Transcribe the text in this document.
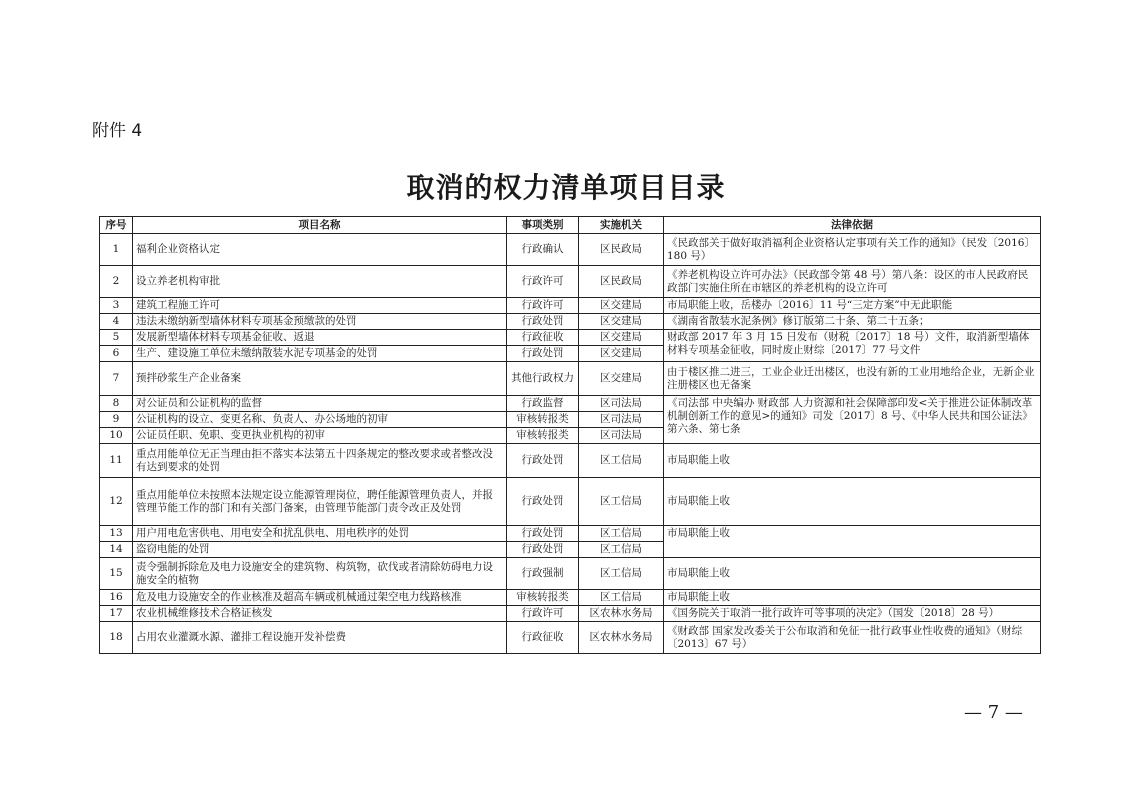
附件 4
取消的权力清单项目目录
序号	项目名称	事项类别	实施机关	法律依据
1	福利企业资格认定	行政确认	区民政局	《民政部关于做好取消福利企业资格认定事项有关工作的通知》（民发〔2016〕180 号）
2	设立养老机构审批	行政许可	区民政局	《养老机构设立许可办法》（民政部令第 48 号）第八条：设区的市人民政府民政部门实施住所在市辖区的养老机构的设立许可
3	建筑工程施工许可	行政许可	区交建局	市局职能上收，岳楼办〔2016〕11 号“三定方案”中无此职能
4	违法未缴纳新型墙体材料专项基金预缴款的处罚	行政处罚	区交建局	《湖南省散装水泥条例》修订版第二十条、第二十五条；
5	发展新型墙体材料专项基金征收、返退	行政征收	区交建局	财政部 2017 年 3 月 15 日发布（财税〔2017〕18 号）文件，取消新型墙体材料专项基金征收，同时废止财综〔2017〕77 号文件
6	生产、建设施工单位未缴纳散装水泥专项基金的处罚	行政处罚	区交建局	
7	预拌砂浆生产企业备案	其他行政权力	区交建局	由于楼区推二进三，工业企业迁出楼区，也没有新的工业用地给企业，无新企业注册楼区也无备案
8	对公证员和公证机构的监督	行政监督	区司法局	《司法部 中央编办 财政部 人力资源和社会保障部印发<关于推进公证体制改革机制创新工作的意见>的通知》司发〔2017〕8 号、《中华人民共和国公证法》第六条、第七条
9	公证机构的设立、变更名称、负责人、办公场地的初审	审核转报类	区司法局	
10	公证员任职、免职、变更执业机构的初审	审核转报类	区司法局	
11	重点用能单位无正当理由拒不落实本法第五十四条规定的整改要求或者整改没有达到要求的处罚	行政处罚	区工信局	市局职能上收
12	重点用能单位未按照本法规定设立能源管理岗位，聘任能源管理负责人，并报管理节能工作的部门和有关部门备案，由管理节能部门责令改正及处罚	行政处罚	区工信局	市局职能上收
13	用户用电危害供电、用电安全和扰乱供电、用电秩序的处罚	行政处罚	区工信局	市局职能上收
14	盗窃电能的处罚	行政处罚	区工信局	
15	责令强制拆除危及电力设施安全的建筑物、构筑物，砍伐或者清除妨碍电力设施安全的植物	行政强制	区工信局	市局职能上收
16	危及电力设施安全的作业核准及超高车辆或机械通过架空电力线路核准	审核转报类	区工信局	市局职能上收
17	农业机械维修技术合格证核发	行政许可	区农林水务局	《国务院关于取消一批行政许可等事项的决定》（国发〔2018〕28 号）
18	占用农业灌溉水源、灌排工程设施开发补偿费	行政征收	区农林水务局	《财政部 国家发改委关于公布取消和免征一批行政事业性收费的通知》（财综〔2013〕67 号）
— 7 —
